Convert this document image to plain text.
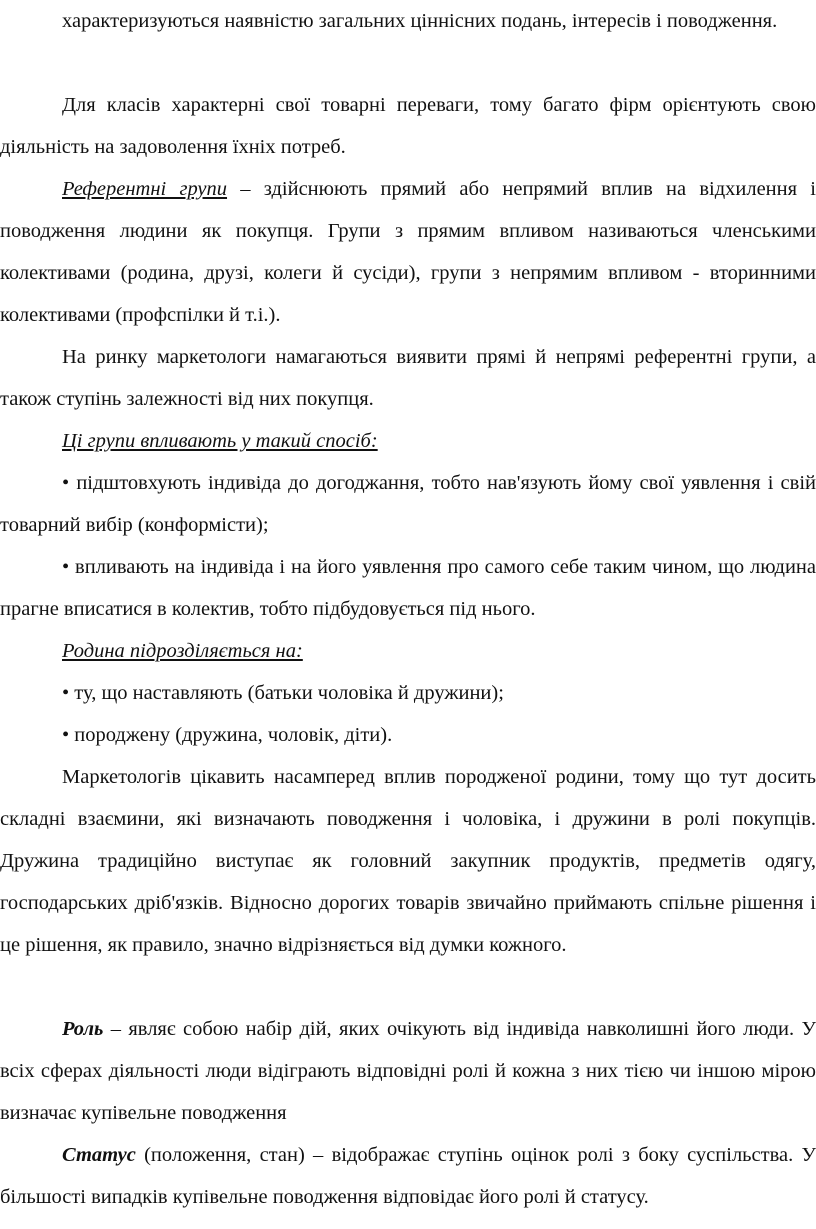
характеризуються наявністю загальних ціннісних подань, інтересів і поводження.

Для класів характерні свої товарні переваги, тому багато фірм орієнтують свою діяльність на задоволення їхніх потреб.

Референтні групи – здійснюють прямий або непрямий вплив на відхилення і поводження людини як покупця. Групи з прямим впливом називаються членськими колективами (родина, друзі, колеги й сусіди), групи з непрямим впливом - вторинними колективами (профспілки й т.і.).

На ринку маркетологи намагаються виявити прямі й непрямі референтні групи, а також ступінь залежності від них покупця.

Ці групи впливають у такий спосіб:

• підштовхують індивіда до догоджання, тобто нав'язують йому свої уявлення і свій товарний вибір (конформісти);

• впливають на індивіда і на його уявлення про самого себе таким чином, що людина прагне вписатися в колектив, тобто підбудовується під нього.

Родина підрозділяється на:

• ту, що наставляють (батьки чоловіка й дружини);

• породжену (дружина, чоловік, діти).

Маркетологів цікавить насамперед вплив породженої родини, тому що тут досить складні взаємини, які визначають поводження і чоловіка, і дружини в ролі покупців. Дружина традиційно виступає як головний закупник продуктів, предметів одягу, господарських дріб'язків. Відносно дорогих товарів звичайно приймають спільне рішення і це рішення, як правило, значно відрізняється від думки кожного.

Роль – являє собою набір дій, яких очікують від індивіда навколишні його люди. У всіх сферах діяльності люди відіграють відповідні ролі й кожна з них тією чи іншою мірою визначає купівельне поводження

Статус (положення, стан) – відображає ступінь оцінок ролі з боку суспільства. У більшості випадків купівельне поводження відповідає його ролі й статусу.
